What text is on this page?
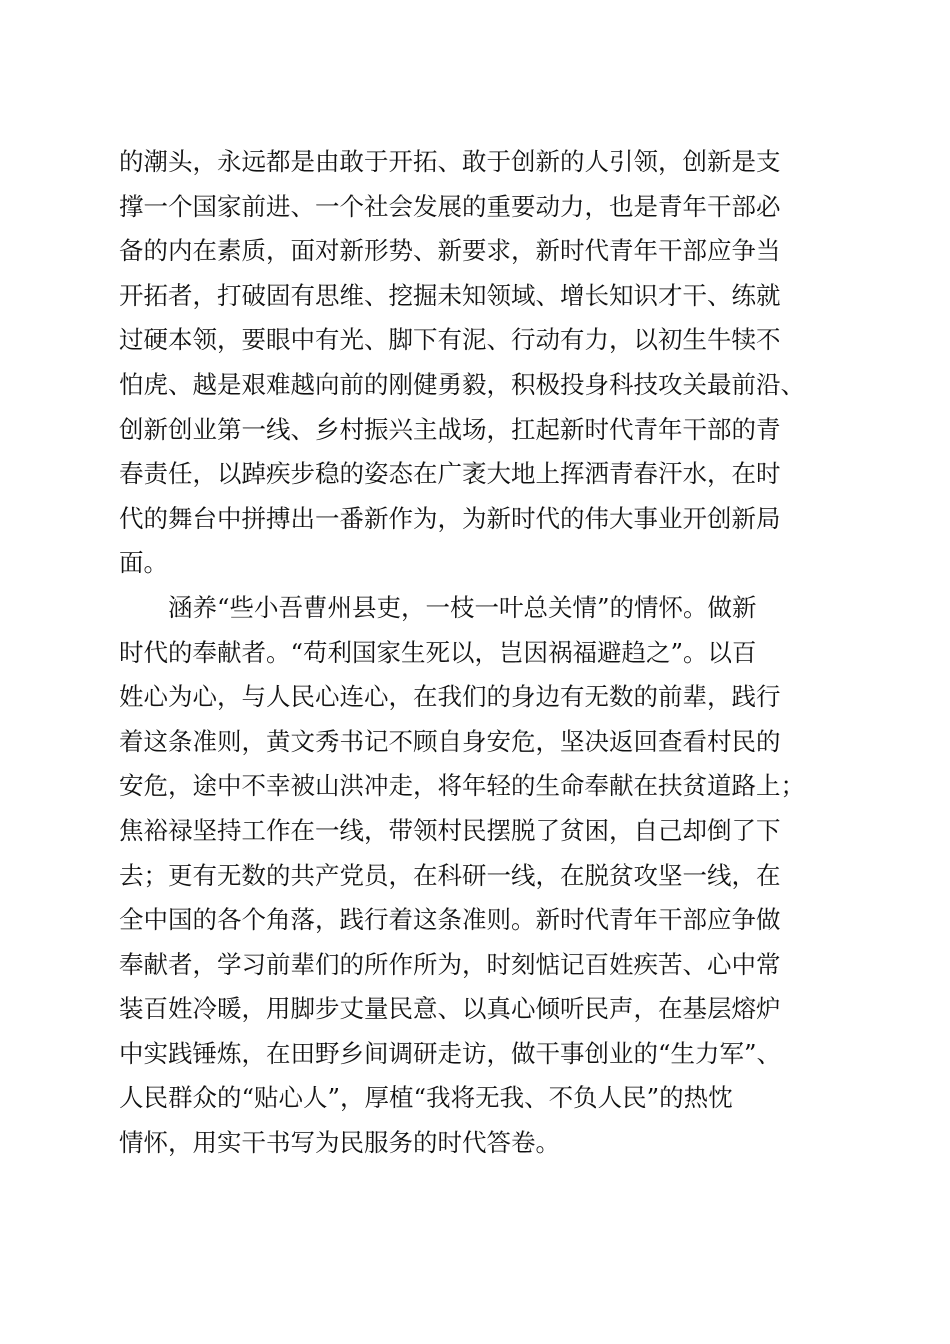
的潮头，永远都是由敢于开拓、敢于创新的人引领，创新是支
撑一个国家前进、一个社会发展的重要动力，也是青年干部必
备的内在素质，面对新形势、新要求，新时代青年干部应争当
开拓者，打破固有思维、挖掘未知领域、增长知识才干、练就
过硬本领，要眼中有光、脚下有泥、行动有力，以初生牛犊不
怕虎、越是艰难越向前的刚健勇毅，积极投身科技攻关最前沿、
创新创业第一线、乡村振兴主战场，扛起新时代青年干部的青
春责任，以踔疾步稳的姿态在广袤大地上挥洒青春汗水，在时
代的舞台中拼搏出一番新作为，为新时代的伟大事业开创新局
面。
涵养“些小吾曹州县吏，一枝一叶总关情”的情怀。做新
时代的奉献者。“苟利国家生死以，岂因祸福避趋之”。以百
姓心为心，与人民心连心，在我们的身边有无数的前辈，践行
着这条准则，黄文秀书记不顾自身安危，坚决返回查看村民的
安危，途中不幸被山洪冲走，将年轻的生命奉献在扶贫道路上；
焦裕禄坚持工作在一线，带领村民摆脱了贫困，自己却倒了下
去；更有无数的共产党员，在科研一线，在脱贫攻坚一线，在
全中国的各个角落，践行着这条准则。新时代青年干部应争做
奉献者，学习前辈们的所作所为，时刻惦记百姓疾苦、心中常
装百姓冷暖，用脚步丈量民意、以真心倾听民声，在基层熔炉
中实践锤炼，在田野乡间调研走访，做干事创业的“生力军”、
人民群众的“贴心人”，厚植“我将无我、不负人民”的热忱
情怀，用实干书写为民服务的时代答卷。
